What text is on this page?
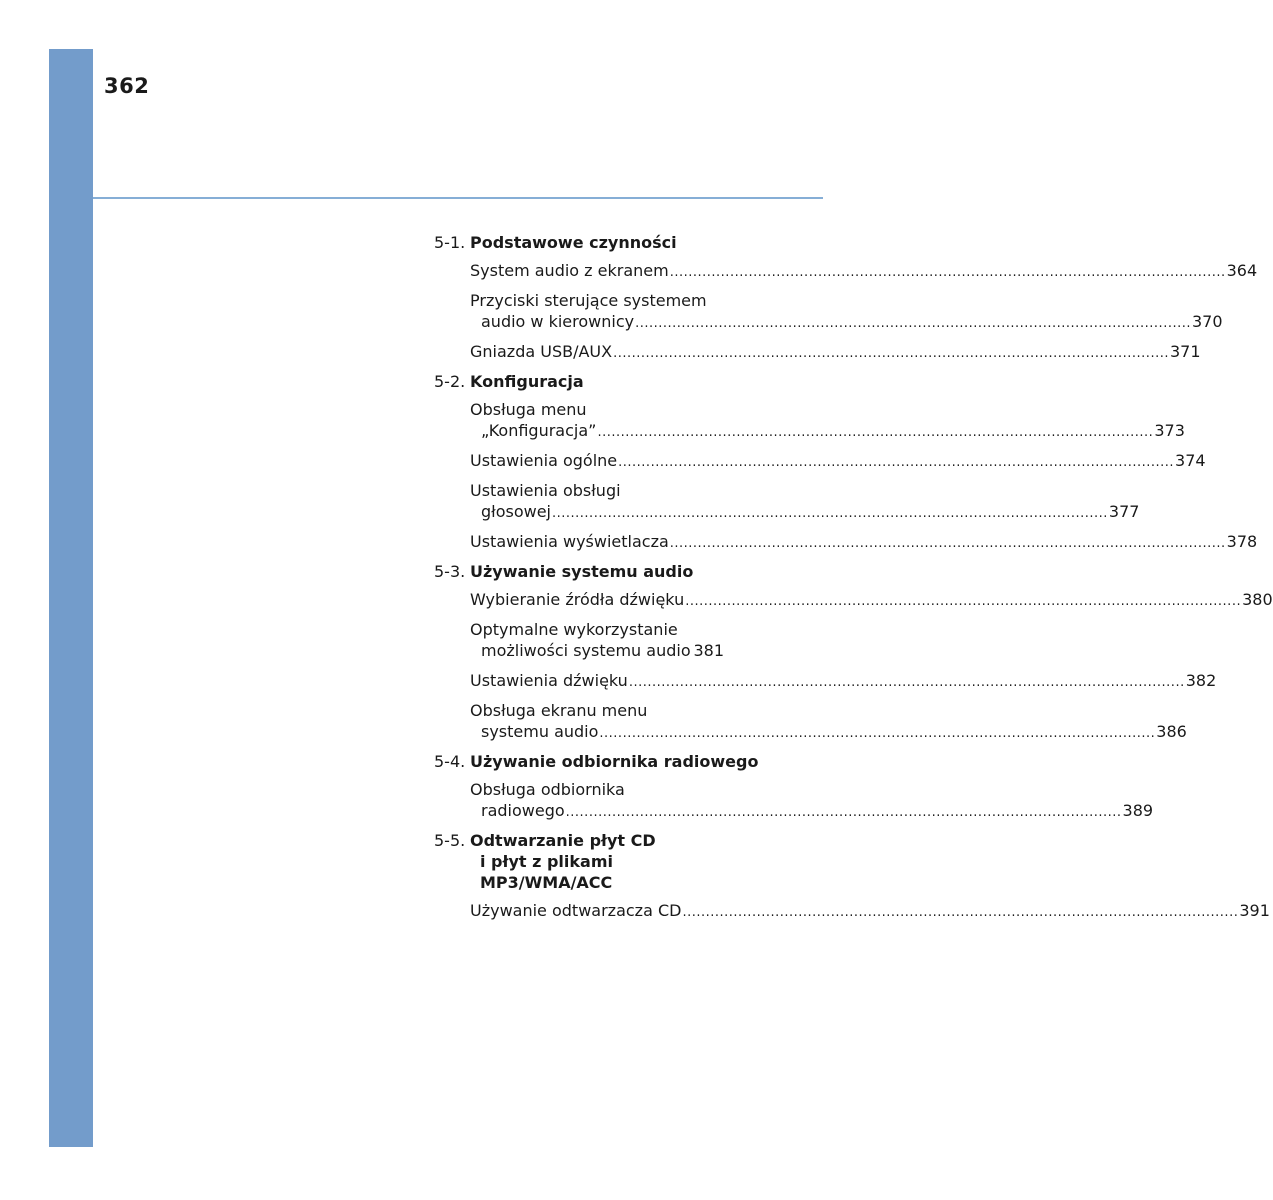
362
5-1. Podstawowe czynności
System audio z ekranem ........................................................................................................................ 364
Przyciski sterujące systemem
audio w kierownicy ........................................................................................................................ 370
Gniazda USB/AUX ........................................................................................................................ 371
5-2. Konfiguracja
Obsługa menu
„Konfiguracja” ........................................................................................................................ 373
Ustawienia ogólne ........................................................................................................................ 374
Ustawienia obsługi
głosowej ........................................................................................................................ 377
Ustawienia wyświetlacza ........................................................................................................................ 378
5-3. Używanie systemu audio
Wybieranie źródła dźwięku ........................................................................................................................ 380
Optymalne wykorzystanie
możliwości systemu audio 381
Ustawienia dźwięku ........................................................................................................................ 382
Obsługa ekranu menu
systemu audio ........................................................................................................................ 386
5-4. Używanie odbiornika radiowego
Obsługa odbiornika
radiowego ........................................................................................................................ 389
5-5. Odtwarzanie płyt CD
i płyt z plikami
MP3/WMA/ACC
Używanie odtwarzacza CD ........................................................................................................................ 391
